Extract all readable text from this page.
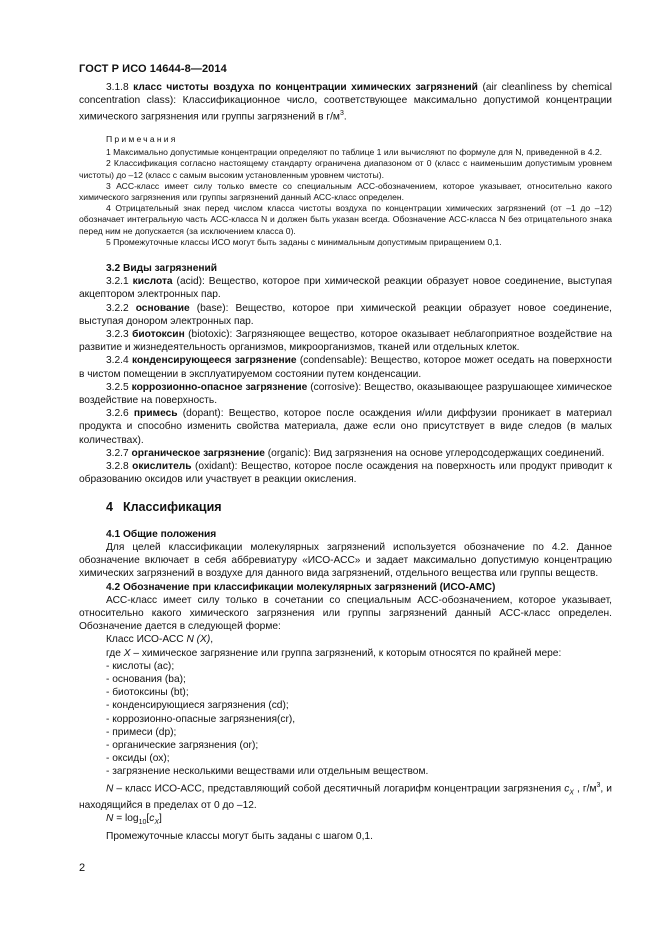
ГОСТ Р ИСО 14644-8—2014

3.1.8 класс чистоты воздуха по концентрации химических загрязнений (air cleanliness by chemical concentration class): Классификационное число, соответствующее максимально допустимой концентрации химического загрязнения или группы загрязнений в $г/м^3$.

Примечания

1 Максимально допустимые концентрации определяют по таблице 1 или вычисляют по формуле для N, приведенной в 4.2.

2 Классификация согласно настоящему стандарту ограничена диапазоном от 0 (класс с наименьшим допустимым уровнем чистоты) до –12 (класс с самым высоким установленным уровнем чистоты).

3 АСС-класс имеет силу только вместе со специальным АСС-обозначением, которое указывает, относительно какого химического загрязнения или группы загрязнений данный АСС-класс определен.

4 Отрицательный знак перед числом класса чистоты воздуха по концентрации химических загрязнений (от –1 до –12) обозначает интегральную часть АСС-класса N и должен быть указан всегда. Обозначение АСС-класса N без отрицательного знака перед ним не допускается (за исключением класса 0).

5 Промежуточные классы ИСО могут быть заданы с минимальным допустимым приращением 0,1.

3.2 Виды загрязнений

3.2.1 кислота (acid): Вещество, которое при химической реакции образует новое соединение, выступая акцептором электронных пар.

3.2.2 основание (base): Вещество, которое при химической реакции образует новое соединение, выступая донором электронных пар.

3.2.3 биотоксин (biotoxic): Загрязняющее вещество, которое оказывает неблагоприятное воздействие на развитие и жизнедеятельность организмов, микроорганизмов, тканей или отдельных клеток.

3.2.4 конденсирующееся загрязнение (condensable): Вещество, которое может оседать на поверхности в чистом помещении в эксплуатируемом состоянии путем конденсации.

3.2.5 коррозионно-опасное загрязнение (corrosive): Вещество, оказывающее разрушающее химическое воздействие на поверхность.

3.2.6 примесь (dopant): Вещество, которое после осаждения и/или диффузии проникает в материал продукта и способно изменить свойства материала, даже если оно присутствует в виде следов (в малых количествах).

3.2.7 органическое загрязнение (organic): Вид загрязнения на основе углеродсодержащих соединений.

3.2.8 окислитель (oxidant): Вещество, которое после осаждения на поверхность или продукт приводит к образованию оксидов или участвует в реакции окисления.

4 Классификация

4.1 Общие положения

Для целей классификации молекулярных загрязнений используется обозначение по 4.2. Данное обозначение включает в себя аббревиатуру «ИСО-АСС» и задает максимально допустимую концентрацию химических загрязнений в воздухе для данного вида загрязнений, отдельного вещества или группы веществ.

4.2 Обозначение при классификации молекулярных загрязнений (ИСО-АМС)

АСС-класс имеет силу только в сочетании со специальным АСС-обозначением, которое указывает, относительно какого химического загрязнения или группы загрязнений данный АСС-класс определен. Обозначение дается в следующей форме:

Класс ИСО-АСС N (X),

где X – химическое загрязнение или группа загрязнений, к которым относятся по крайней мере:

- кислоты (ас);

- основания (ba);

- биотоксины (bt);

- конденсирующиеся загрязнения (cd);

- коррозионно-опасные загрязнения(cr),

- примеси (dp);

- органические загрязнения (or);

- оксиды (ох);

- загрязнение несколькими веществами или отдельным веществом.

N – класс ИСО-АСС, представляющий собой десятичный логарифм концентрации загрязнения $c_X$ , $г/м^3$, и находящийся в пределах от 0 до –12.

$N = \log_{10}[c_X]$

Промежуточные классы могут быть заданы с шагом 0,1.

2
